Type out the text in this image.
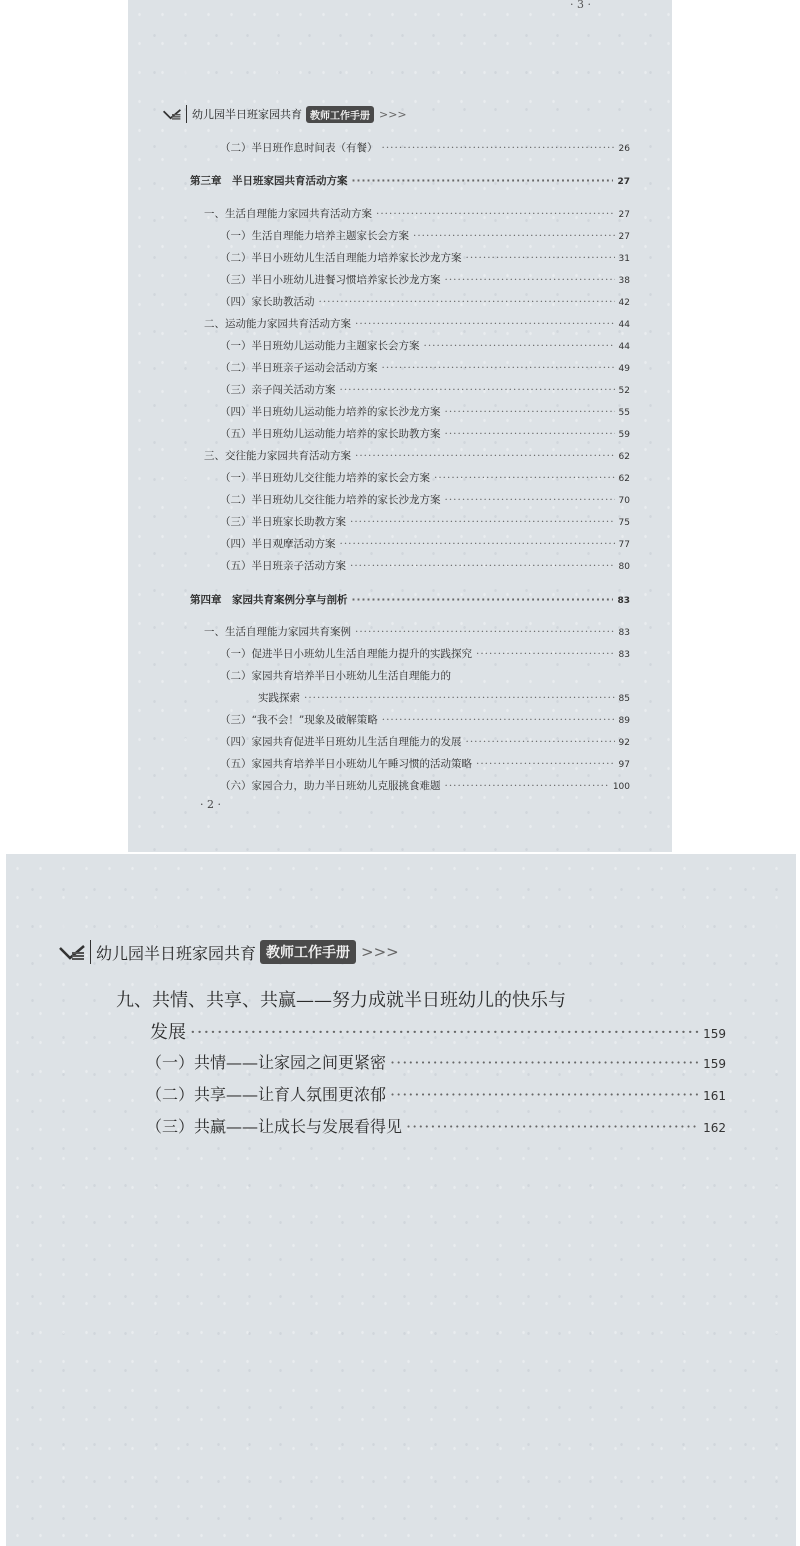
· 3 ·
幼儿园半日班家园共育 教师工作手册 >>>
（二）半日班作息时间表（有餐） ·····	26
第三章　半日班家园共育活动方案 ·····	27
一、生活自理能力家园共育活动方案 ·····	27
（一）生活自理能力培养主题家长会方案 ·····	27
（二）半日小班幼儿生活自理能力培养家长沙龙方案 ·····	31
（三）半日小班幼儿进餐习惯培养家长沙龙方案 ·····	38
（四）家长助教活动 ·····	42
二、运动能力家园共育活动方案 ·····	44
（一）半日班幼儿运动能力主题家长会方案 ·····	44
（二）半日班亲子运动会活动方案 ·····	49
（三）亲子闯关活动方案 ·····	52
（四）半日班幼儿运动能力培养的家长沙龙方案 ·····	55
（五）半日班幼儿运动能力培养的家长助教方案 ·····	59
三、交往能力家园共育活动方案 ·····	62
（一）半日班幼儿交往能力培养的家长会方案 ·····	62
（二）半日班幼儿交往能力培养的家长沙龙方案 ·····	70
（三）半日班家长助教方案 ·····	75
（四）半日观摩活动方案 ·····	77
（五）半日班亲子活动方案 ·····	80
第四章　家园共育案例分享与剖析 ·····	83
一、生活自理能力家园共育案例 ·····	83
（一）促进半日小班幼儿生活自理能力提升的实践探究 ·····	83
（二）家园共育培养半日小班幼儿生活自理能力的
实践探索 ·····	85
（三）“我不会！”现象及破解策略 ·····	89
（四）家园共育促进半日班幼儿生活自理能力的发展 ·····	92
（五）家园共育培养半日小班幼儿午睡习惯的活动策略 ·····	97
（六）家园合力，助力半日班幼儿克服挑食难题 ·····	100
· 2 ·
幼儿园半日班家园共育 教师工作手册 >>>
九、共情、共享、共赢——努力成就半日班幼儿的快乐与
发展 ·····	159
（一）共情——让家园之间更紧密 ·····	159
（二）共享——让育人氛围更浓郁 ·····	161
（三）共赢——让成长与发展看得见 ·····	162
